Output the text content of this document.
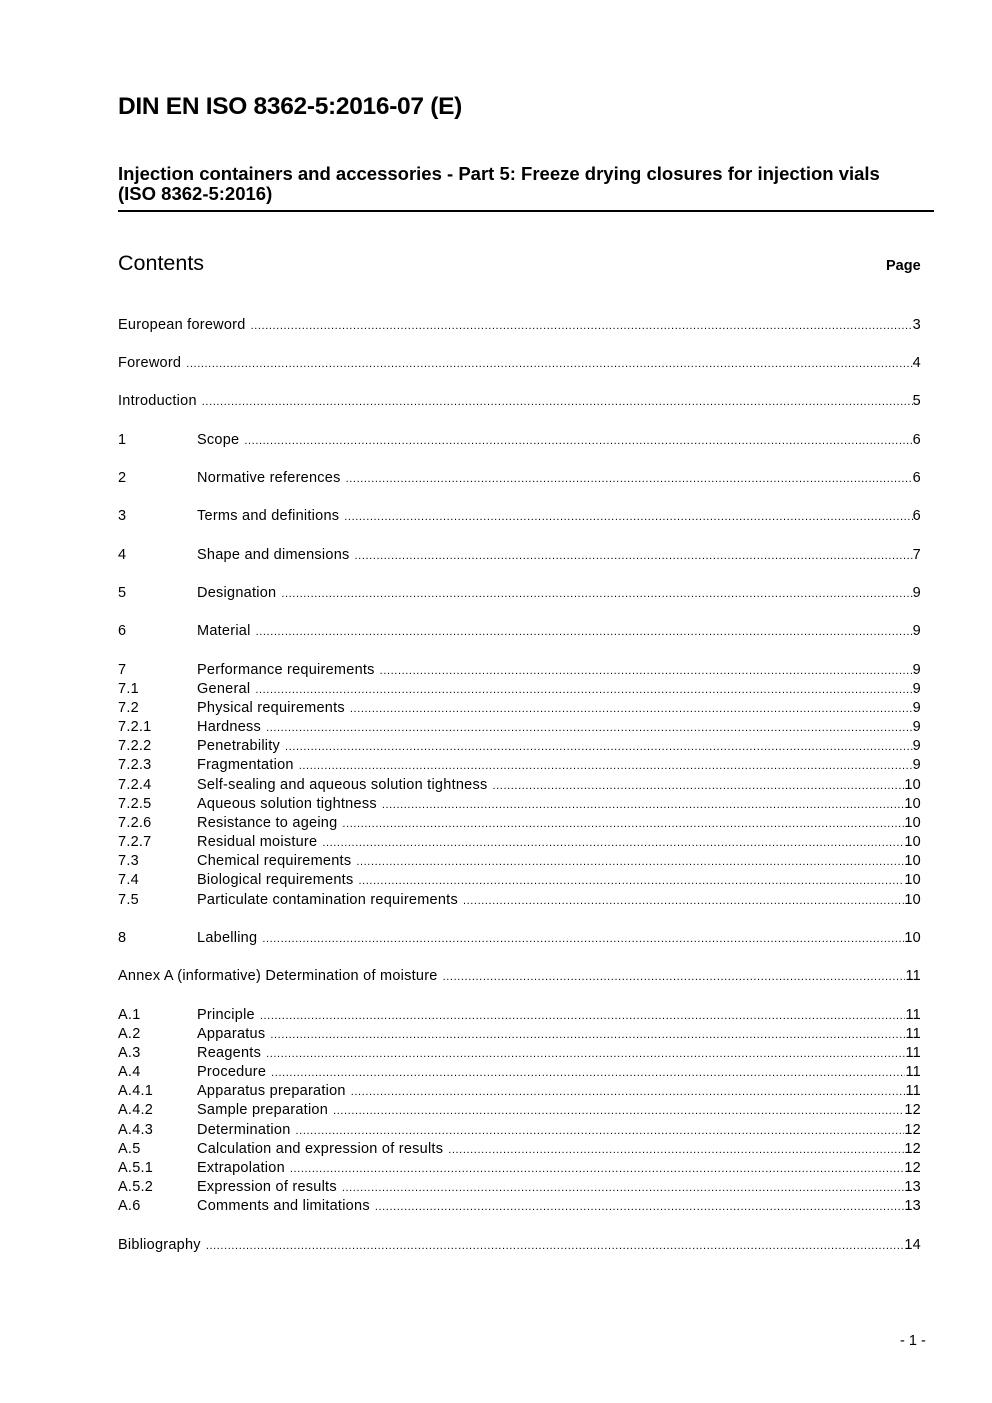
DIN EN ISO 8362-5:2016-07 (E)
Injection containers and accessories - Part 5: Freeze drying closures for injection vials (ISO 8362-5:2016)
Contents	Page
European foreword .....	3
Foreword .....	4
Introduction .....	5
1	Scope .....	6
2	Normative references .....	6
3	Terms and definitions .....	6
4	Shape and dimensions .....	7
5	Designation .....	9
6	Material .....	9
7	Performance requirements .....	9
7.1	General .....	9
7.2	Physical requirements .....	9
7.2.1	Hardness .....	9
7.2.2	Penetrability .....	9
7.2.3	Fragmentation .....	9
7.2.4	Self-sealing and aqueous solution tightness .....	10
7.2.5	Aqueous solution tightness .....	10
7.2.6	Resistance to ageing .....	10
7.2.7	Residual moisture .....	10
7.3	Chemical requirements .....	10
7.4	Biological requirements .....	10
7.5	Particulate contamination requirements .....	10
8	Labelling .....	10
Annex A (informative) Determination of moisture .....	11
A.1	Principle .....	11
A.2	Apparatus .....	11
A.3	Reagents .....	11
A.4	Procedure .....	11
A.4.1	Apparatus preparation .....	11
A.4.2	Sample preparation .....	12
A.4.3	Determination .....	12
A.5	Calculation and expression of results .....	12
A.5.1	Extrapolation .....	12
A.5.2	Expression of results .....	13
A.6	Comments and limitations .....	13
Bibliography .....	14
- 1 -
